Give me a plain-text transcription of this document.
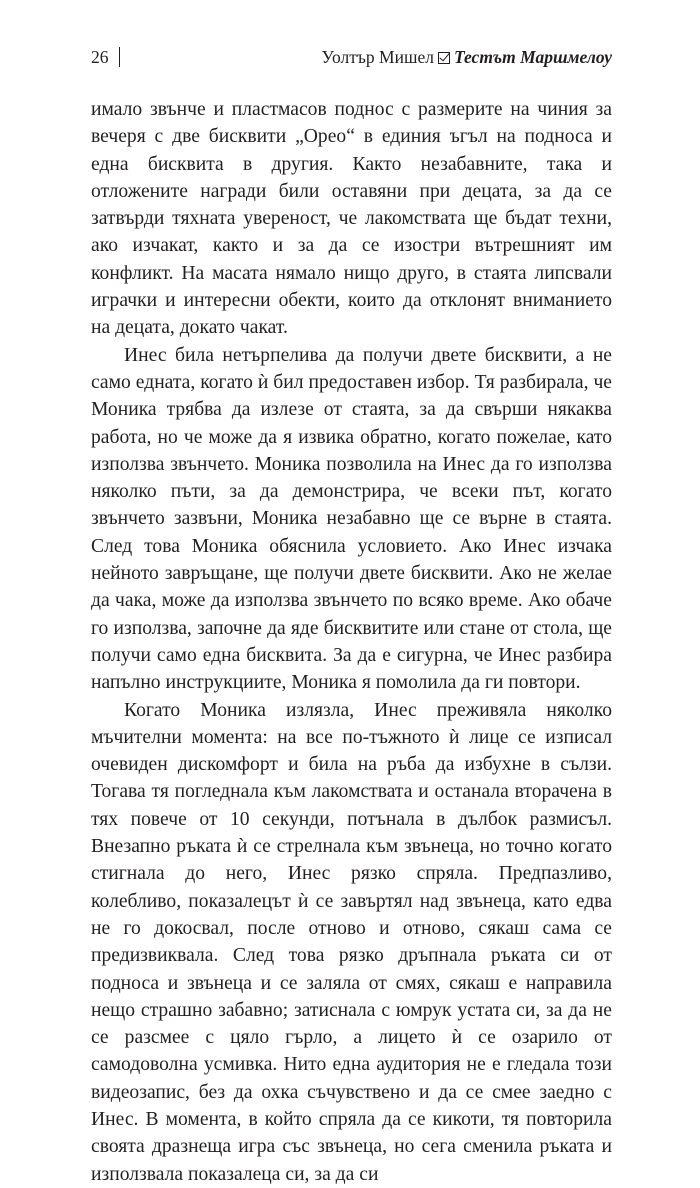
26	Уолтър Мишел Тестът Маршмелоу

имало звънче и пластмасов поднос с размерите на чиния за вечеря с две бисквити „Орео“ в единия ъгъл на подноса и една бисквита в другия. Както незабавните, така и отложените награди били оставяни при децата, за да се затвърди тяхната увереност, че лакомствата ще бъдат техни, ако изчакат, както и за да се изостри вътрешният им конфликт. На масата нямало нищо друго, в стаята липсвали играчки и интересни обекти, които да отклонят вниманието на децата, докато чакат.

Инес била нетърпелива да получи двете бисквити, а не само едната, когато ѝ бил предоставен избор. Тя разбирала, че Моника трябва да излезе от стаята, за да свърши някаква работа, но че може да я извика обратно, когато пожелае, като използва звънчето. Моника позволила на Инес да го използва няколко пъти, за да демонстрира, че всеки път, когато звънчето зазвъни, Моника незабавно ще се върне в стаята. След това Моника обяснила условието. Ако Инес изчака нейното завръщане, ще получи двете бисквити. Ако не желае да чака, може да използва звънчето по всяко време. Ако обаче го използва, започне да яде бисквитите или стане от стола, ще получи само една бисквита. За да е сигурна, че Инес разбира напълно инструкциите, Моника я помолила да ги повтори.

Когато Моника излязла, Инес преживяла няколко мъчителни момента: на все по-тъжното ѝ лице се изписал очевиден дискомфорт и била на ръба да избухне в сълзи. Тогава тя погледнала към лакомствата и останала вторачена в тях повече от 10 секунди, потънала в дълбок размисъл. Внезапно ръката ѝ се стрелнала към звънеца, но точно когато стигнала до него, Инес рязко спряла. Предпазливо, колебливо, показалецът ѝ се завъртял над звънеца, като едва не го докосвал, после отново и отново, сякаш сама се предизвиквала. След това рязко дръпнала ръката си от подноса и звънеца и се заляла от смях, сякаш е направила нещо страшно забавно; затиснала с юмрук устата си, за да не се разсмее с цяло гърло, а лицето ѝ се озарило от самодоволна усмивка. Нито една аудитория не е гледала този видеозапис, без да охка съчувствено и да се смее заедно с Инес. В момента, в който спряла да се кикоти, тя повторила своята дразнеща игра със звънеца, но сега сменила ръката и използвала показалеца си, за да си
